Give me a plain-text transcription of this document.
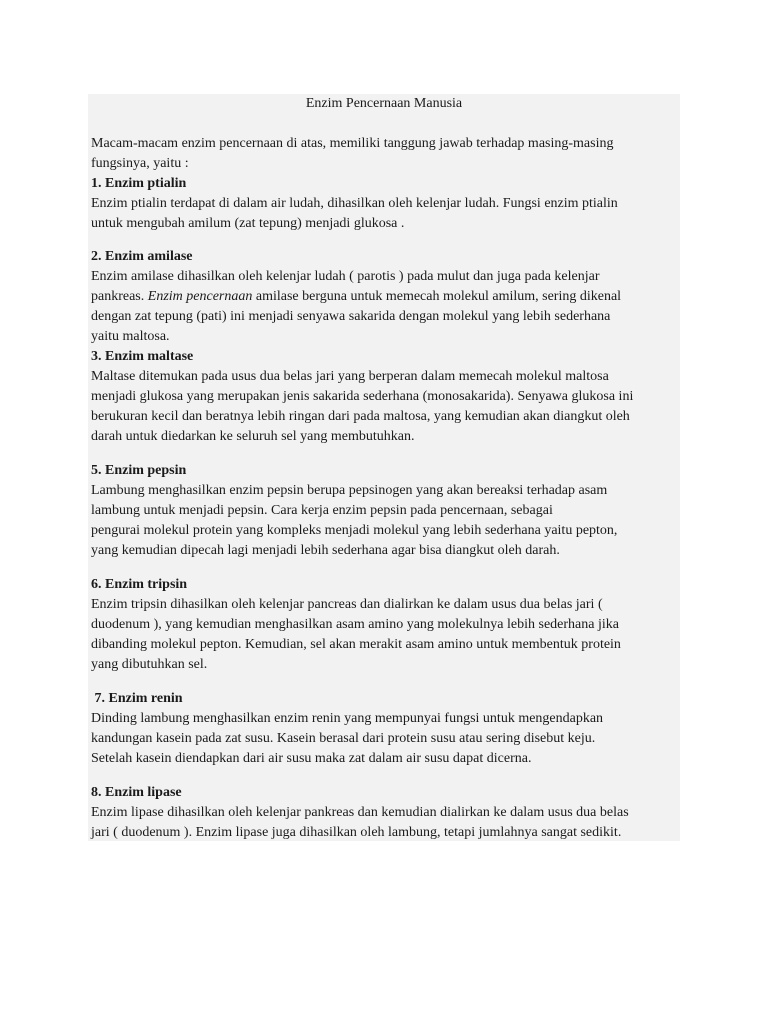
Enzim Pencernaan Manusia
Macam-macam enzim pencernaan di atas, memiliki tanggung jawab terhadap masing-masing
fungsinya, yaitu :
1. Enzim ptialin
Enzim ptialin terdapat di dalam air ludah, dihasilkan oleh kelenjar ludah. Fungsi enzim ptialin
untuk mengubah amilum (zat tepung) menjadi glukosa .
2. Enzim amilase
Enzim amilase dihasilkan oleh kelenjar ludah ( parotis ) pada mulut dan juga pada kelenjar
pankreas. Enzim pencernaan amilase berguna untuk memecah molekul amilum, sering dikenal
dengan zat tepung (pati) ini menjadi senyawa sakarida dengan molekul yang lebih sederhana
yaitu maltosa.
3. Enzim maltase
Maltase ditemukan pada usus dua belas jari yang berperan dalam memecah molekul maltosa
menjadi glukosa yang merupakan jenis sakarida sederhana (monosakarida). Senyawa glukosa ini
berukuran kecil dan beratnya lebih ringan dari pada maltosa, yang kemudian akan diangkut oleh
darah untuk diedarkan ke seluruh sel yang membutuhkan.
5. Enzim pepsin
Lambung menghasilkan enzim pepsin berupa pepsinogen yang akan bereaksi terhadap asam
lambung untuk menjadi pepsin. Cara kerja enzim pepsin pada pencernaan, sebagai
pengurai molekul protein yang kompleks menjadi molekul yang lebih sederhana yaitu pepton,
yang kemudian dipecah lagi menjadi lebih sederhana agar bisa diangkut oleh darah.
6. Enzim tripsin
Enzim tripsin dihasilkan oleh kelenjar pancreas dan dialirkan ke dalam usus dua belas jari (
duodenum ), yang kemudian menghasilkan asam amino yang molekulnya lebih sederhana jika
dibanding molekul pepton. Kemudian, sel akan merakit asam amino untuk membentuk protein
yang dibutuhkan sel.
7. Enzim renin
Dinding lambung menghasilkan enzim renin yang mempunyai fungsi untuk mengendapkan
kandungan kasein pada zat susu. Kasein berasal dari protein susu atau sering disebut keju.
Setelah kasein diendapkan dari air susu maka zat dalam air susu dapat dicerna.
8. Enzim lipase
Enzim lipase dihasilkan oleh kelenjar pankreas dan kemudian dialirkan ke dalam usus dua belas
jari ( duodenum ). Enzim lipase juga dihasilkan oleh lambung, tetapi jumlahnya sangat sedikit.
